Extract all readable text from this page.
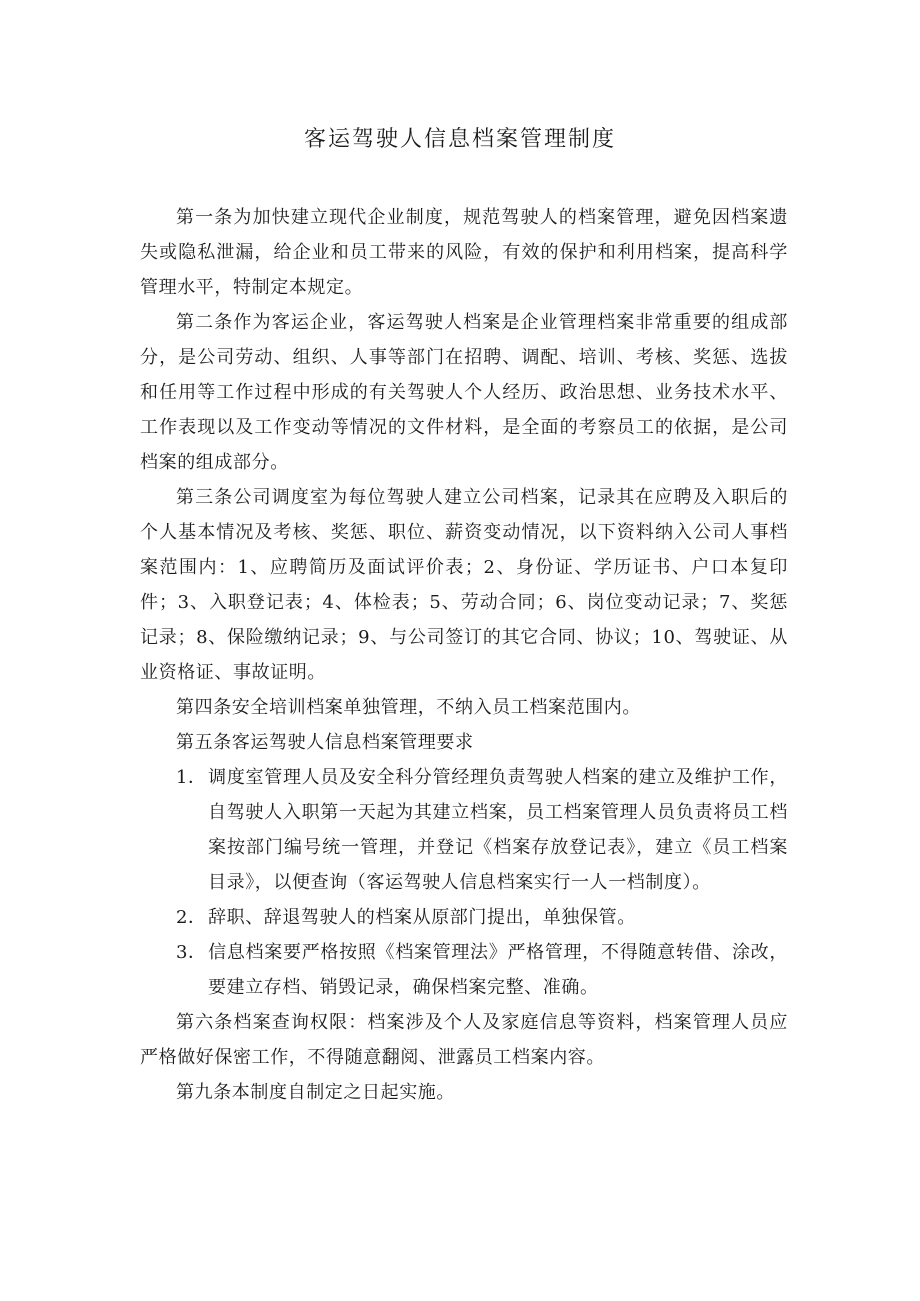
客运驾驶人信息档案管理制度

第一条为加快建立现代企业制度，规范驾驶人的档案管理，避免因档案遗失或隐私泄漏，给企业和员工带来的风险，有效的保护和利用档案，提高科学管理水平，特制定本规定。

第二条作为客运企业，客运驾驶人档案是企业管理档案非常重要的组成部分，是公司劳动、组织、人事等部门在招聘、调配、培训、考核、奖惩、选拔和任用等工作过程中形成的有关驾驶人个人经历、政治思想、业务技术水平、工作表现以及工作变动等情况的文件材料，是全面的考察员工的依据，是公司档案的组成部分。

第三条公司调度室为每位驾驶人建立公司档案，记录其在应聘及入职后的个人基本情况及考核、奖惩、职位、薪资变动情况，以下资料纳入公司人事档案范围内：1、应聘简历及面试评价表；2、身份证、学历证书、户口本复印件；3、入职登记表；4、体检表；5、劳动合同；6、岗位变动记录；7、奖惩记录；8、保险缴纳记录；9、与公司签订的其它合同、协议；10、驾驶证、从业资格证、事故证明。

第四条安全培训档案单独管理，不纳入员工档案范围内。

第五条客运驾驶人信息档案管理要求

1．调度室管理人员及安全科分管经理负责驾驶人档案的建立及维护工作，自驾驶人入职第一天起为其建立档案，员工档案管理人员负责将员工档案按部门编号统一管理，并登记《档案存放登记表》，建立《员工档案目录》，以便查询（客运驾驶人信息档案实行一人一档制度）。

2．辞职、辞退驾驶人的档案从原部门提出，单独保管。

3．信息档案要严格按照《档案管理法》严格管理，不得随意转借、涂改，要建立存档、销毁记录，确保档案完整、准确。

第六条档案查询权限：档案涉及个人及家庭信息等资料，档案管理人员应严格做好保密工作，不得随意翻阅、泄露员工档案内容。

第九条本制度自制定之日起实施。
